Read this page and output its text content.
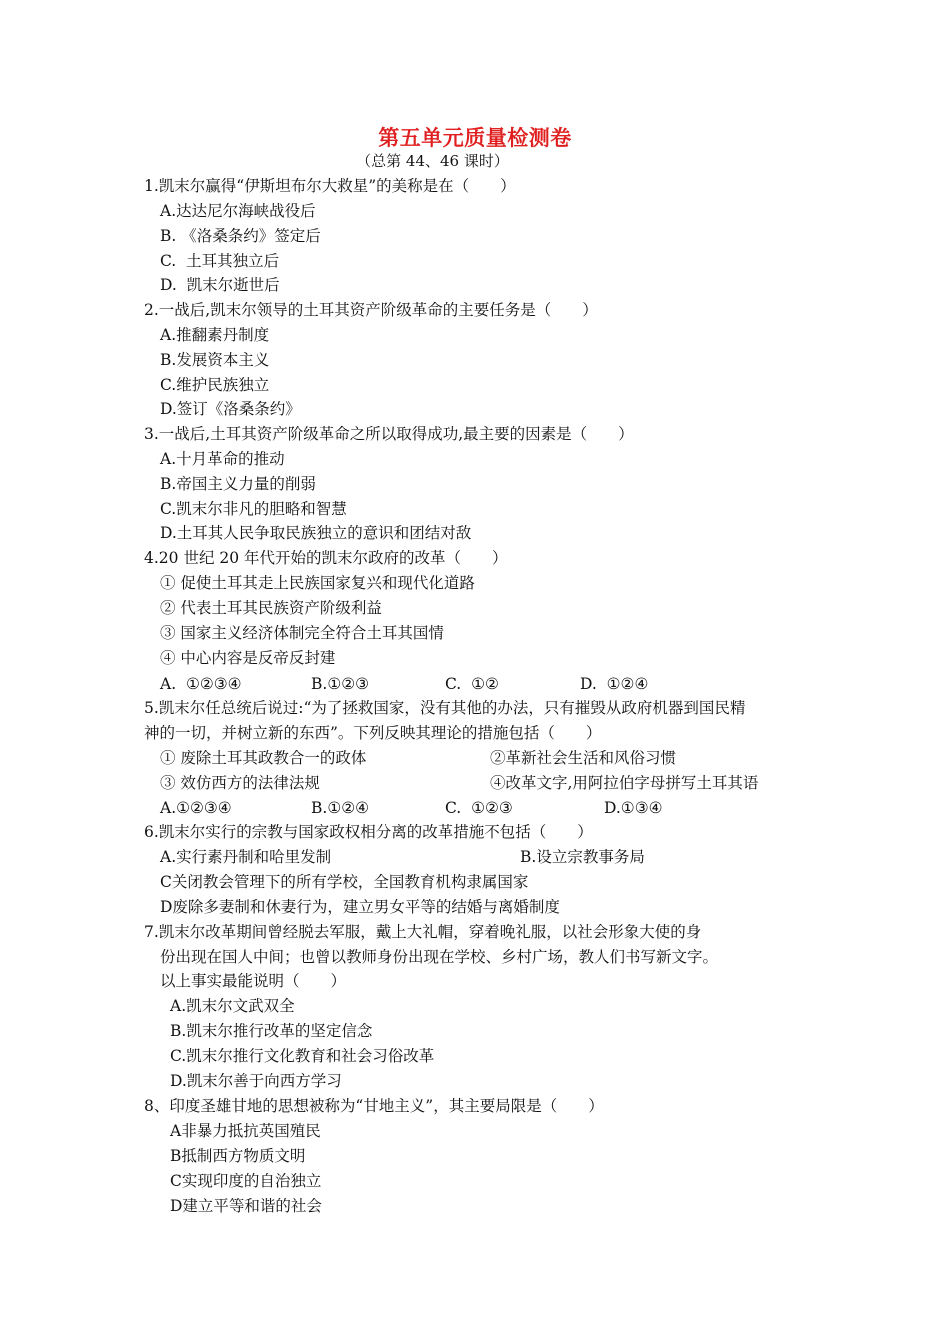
第五单元质量检测卷
（总第 44、46 课时）
1.凯末尔赢得“伊斯坦布尔大救星”的美称是在（　　）
A.达达尼尔海峡战役后
B. 《洛桑条约》签定后
C.  土耳其独立后
D.  凯末尔逝世后
2.一战后,凯末尔领导的土耳其资产阶级革命的主要任务是（　　）
A.推翻素丹制度
B.发展资本主义
C.维护民族独立
D.签订《洛桑条约》
3.一战后,土耳其资产阶级革命之所以取得成功,最主要的因素是（　　）
A.十月革命的推动
B.帝国主义力量的削弱
C.凯末尔非凡的胆略和智慧
D.土耳其人民争取民族独立的意识和团结对敌
4.20 世纪 20 年代开始的凯末尔政府的改革（　　）
① 促使土耳其走上民族国家复兴和现代化道路
② 代表土耳其民族资产阶级利益
③ 国家主义经济体制完全符合土耳其国情
④ 中心内容是反帝反封建
A.  ①②③④	B.①②③	C.  ①②	D.  ①②④
5.凯末尔任总统后说过:“为了拯救国家，没有其他的办法，只有摧毁从政府机器到国民精
神的一切，并树立新的东西”。下列反映其理论的措施包括（　　）
① 废除土耳其政教合一的政体	②革新社会生活和风俗习惯
③ 效仿西方的法律法规	④改革文字,用阿拉伯字母拼写土耳其语
A.①②③④	B.①②④	C.  ①②③	D.①③④
6.凯末尔实行的宗教与国家政权相分离的改革措施不包括（　　）
A.实行素丹制和哈里发制	B.设立宗教事务局
C关闭教会管理下的所有学校，全国教育机构隶属国家
D废除多妻制和休妻行为，建立男女平等的结婚与离婚制度
7.凯末尔改革期间曾经脱去军服，戴上大礼帽，穿着晚礼服，以社会形象大使的身
份出现在国人中间；也曾以教师身份出现在学校、乡村广场，教人们书写新文字。
以上事实最能说明（　　）
A.凯末尔文武双全
B.凯末尔推行改革的坚定信念
C.凯末尔推行文化教育和社会习俗改革
D.凯末尔善于向西方学习
8、印度圣雄甘地的思想被称为“甘地主义”，其主要局限是（　　）
A非暴力抵抗英国殖民
B抵制西方物质文明
C实现印度的自治独立
D建立平等和谐的社会
